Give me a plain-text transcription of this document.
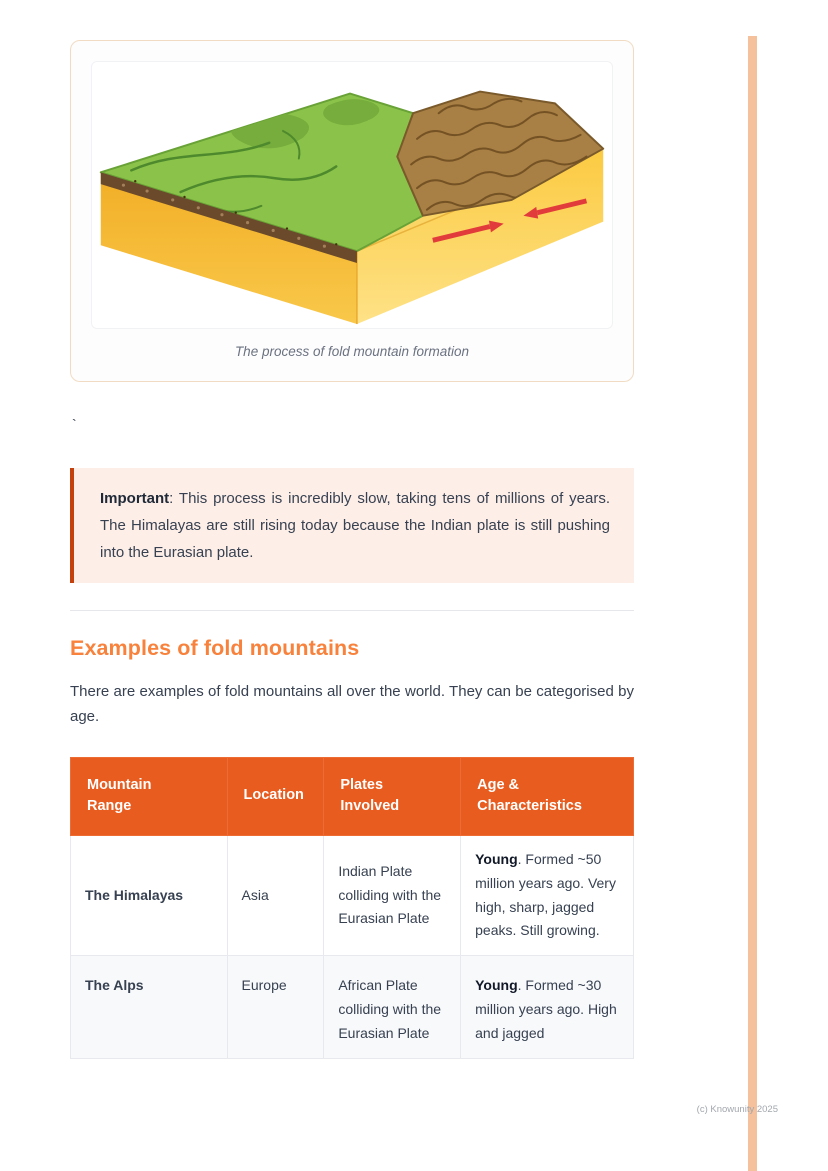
(c) Knowunity 2025
The process of fold mountain formation
`

Important: This process is incredibly slow, taking tens of millions of years. The Himalayas are still rising today because the Indian plate is still pushing into the Eurasian plate.

Examples of fold mountains

There are examples of fold mountains all over the world. They can be categorised by age.

Mountain Range	Location	Plates Involved	Age & Characteristics
The Himalayas	Asia	Indian Plate colliding with the Eurasian Plate	Young. Formed ~50 million years ago. Very high, sharp, jagged peaks. Still growing.
The Alps	Europe	African Plate colliding with the Eurasian Plate	Young. Formed ~30 million years ago. High and jagged
